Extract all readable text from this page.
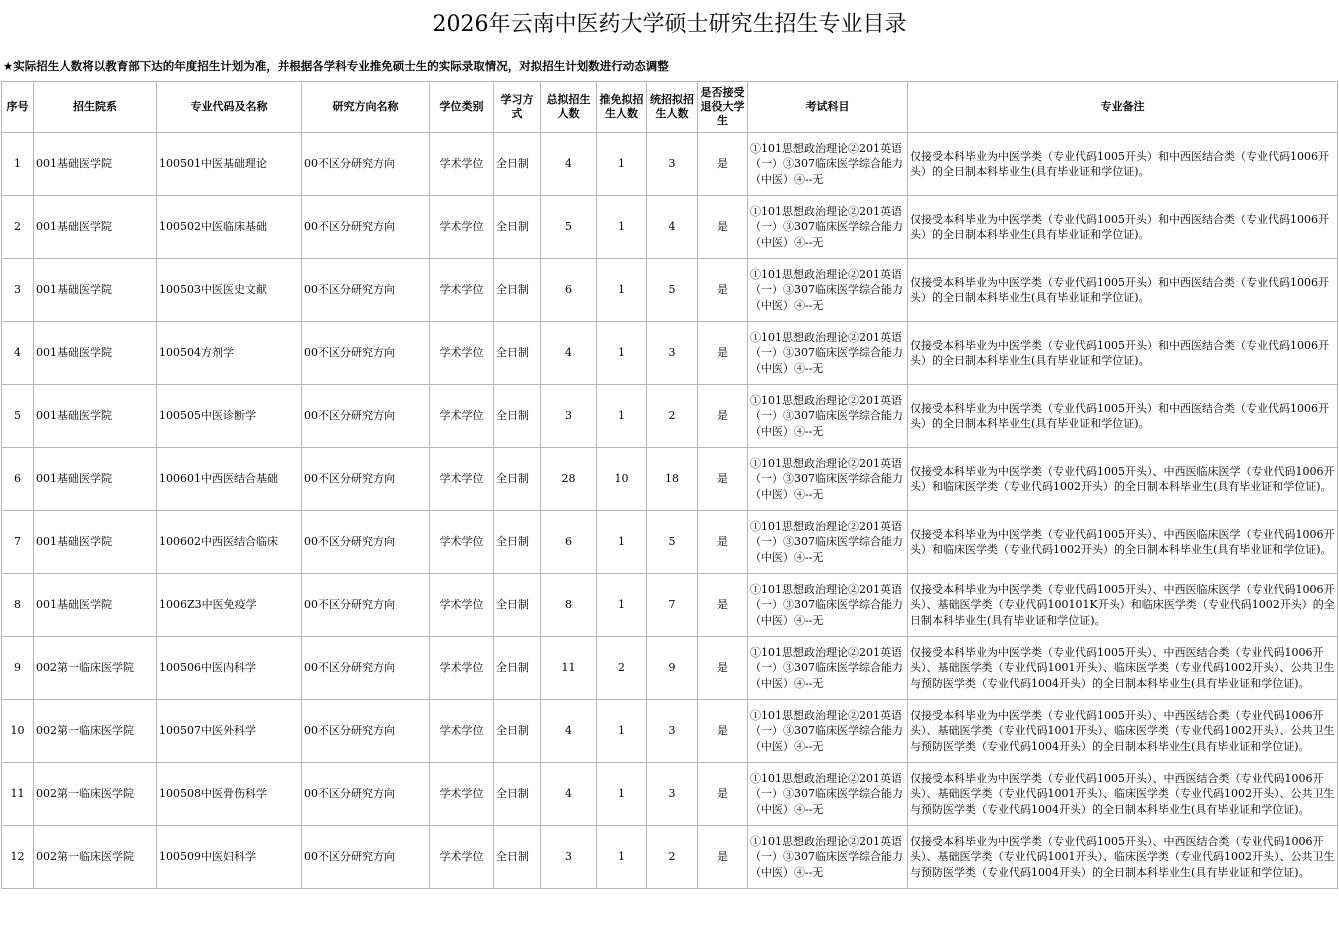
2026年云南中医药大学硕士研究生招生专业目录
★实际招生人数将以教育部下达的年度招生计划为准，并根据各学科专业推免硕士生的实际录取情况，对拟招生计划数进行动态调整
序号	招生院系	专业代码及名称	研究方向名称	学位类别	学习方式	总拟招生人数	推免拟招生人数	统招拟招生人数	是否接受退役大学生	考试科目	专业备注
1	001基础医学院	100501中医基础理论	00不区分研究方向	学术学位	全日制	4	1	3	是	①101思想政治理论②201英语（一）③307临床医学综合能力（中医）④--无	仅接受本科毕业为中医学类（专业代码1005开头）和中西医结合类（专业代码1006开头）的全日制本科毕业生(具有毕业证和学位证)。
2	001基础医学院	100502中医临床基础	00不区分研究方向	学术学位	全日制	5	1	4	是	①101思想政治理论②201英语（一）③307临床医学综合能力（中医）④--无	仅接受本科毕业为中医学类（专业代码1005开头）和中西医结合类（专业代码1006开头）的全日制本科毕业生(具有毕业证和学位证)。
3	001基础医学院	100503中医医史文献	00不区分研究方向	学术学位	全日制	6	1	5	是	①101思想政治理论②201英语（一）③307临床医学综合能力（中医）④--无	仅接受本科毕业为中医学类（专业代码1005开头）和中西医结合类（专业代码1006开头）的全日制本科毕业生(具有毕业证和学位证)。
4	001基础医学院	100504方剂学	00不区分研究方向	学术学位	全日制	4	1	3	是	①101思想政治理论②201英语（一）③307临床医学综合能力（中医）④--无	仅接受本科毕业为中医学类（专业代码1005开头）和中西医结合类（专业代码1006开头）的全日制本科毕业生(具有毕业证和学位证)。
5	001基础医学院	100505中医诊断学	00不区分研究方向	学术学位	全日制	3	1	2	是	①101思想政治理论②201英语（一）③307临床医学综合能力（中医）④--无	仅接受本科毕业为中医学类（专业代码1005开头）和中西医结合类（专业代码1006开头）的全日制本科毕业生(具有毕业证和学位证)。
6	001基础医学院	100601中西医结合基础	00不区分研究方向	学术学位	全日制	28	10	18	是	①101思想政治理论②201英语（一）③307临床医学综合能力（中医）④--无	仅接受本科毕业为中医学类（专业代码1005开头）、中西医临床医学（专业代码1006开头）和临床医学类（专业代码1002开头）的全日制本科毕业生(具有毕业证和学位证)。
7	001基础医学院	100602中西医结合临床	00不区分研究方向	学术学位	全日制	6	1	5	是	①101思想政治理论②201英语（一）③307临床医学综合能力（中医）④--无	仅接受本科毕业为中医学类（专业代码1005开头）、中西医临床医学（专业代码1006开头）和临床医学类（专业代码1002开头）的全日制本科毕业生(具有毕业证和学位证)。
8	001基础医学院	1006Z3中医免疫学	00不区分研究方向	学术学位	全日制	8	1	7	是	①101思想政治理论②201英语（一）③307临床医学综合能力（中医）④--无	仅接受本科毕业为中医学类（专业代码1005开头）、中西医临床医学（专业代码1006开头）、基础医学类（专业代码100101K开头）和临床医学类（专业代码1002开头）的全日制本科毕业生(具有毕业证和学位证)。
9	002第一临床医学院	100506中医内科学	00不区分研究方向	学术学位	全日制	11	2	9	是	①101思想政治理论②201英语（一）③307临床医学综合能力（中医）④--无	仅接受本科毕业为中医学类（专业代码1005开头）、中西医结合类（专业代码1006开头）、基础医学类（专业代码1001开头）、临床医学类（专业代码1002开头）、公共卫生与预防医学类（专业代码1004开头）的全日制本科毕业生(具有毕业证和学位证)。
10	002第一临床医学院	100507中医外科学	00不区分研究方向	学术学位	全日制	4	1	3	是	①101思想政治理论②201英语（一）③307临床医学综合能力（中医）④--无	仅接受本科毕业为中医学类（专业代码1005开头）、中西医结合类（专业代码1006开头）、基础医学类（专业代码1001开头）、临床医学类（专业代码1002开头）、公共卫生与预防医学类（专业代码1004开头）的全日制本科毕业生(具有毕业证和学位证)。
11	002第一临床医学院	100508中医骨伤科学	00不区分研究方向	学术学位	全日制	4	1	3	是	①101思想政治理论②201英语（一）③307临床医学综合能力（中医）④--无	仅接受本科毕业为中医学类（专业代码1005开头）、中西医结合类（专业代码1006开头）、基础医学类（专业代码1001开头）、临床医学类（专业代码1002开头）、公共卫生与预防医学类（专业代码1004开头）的全日制本科毕业生(具有毕业证和学位证)。
12	002第一临床医学院	100509中医妇科学	00不区分研究方向	学术学位	全日制	3	1	2	是	①101思想政治理论②201英语（一）③307临床医学综合能力（中医）④--无	仅接受本科毕业为中医学类（专业代码1005开头）、中西医结合类（专业代码1006开头）、基础医学类（专业代码1001开头）、临床医学类（专业代码1002开头）、公共卫生与预防医学类（专业代码1004开头）的全日制本科毕业生(具有毕业证和学位证)。
